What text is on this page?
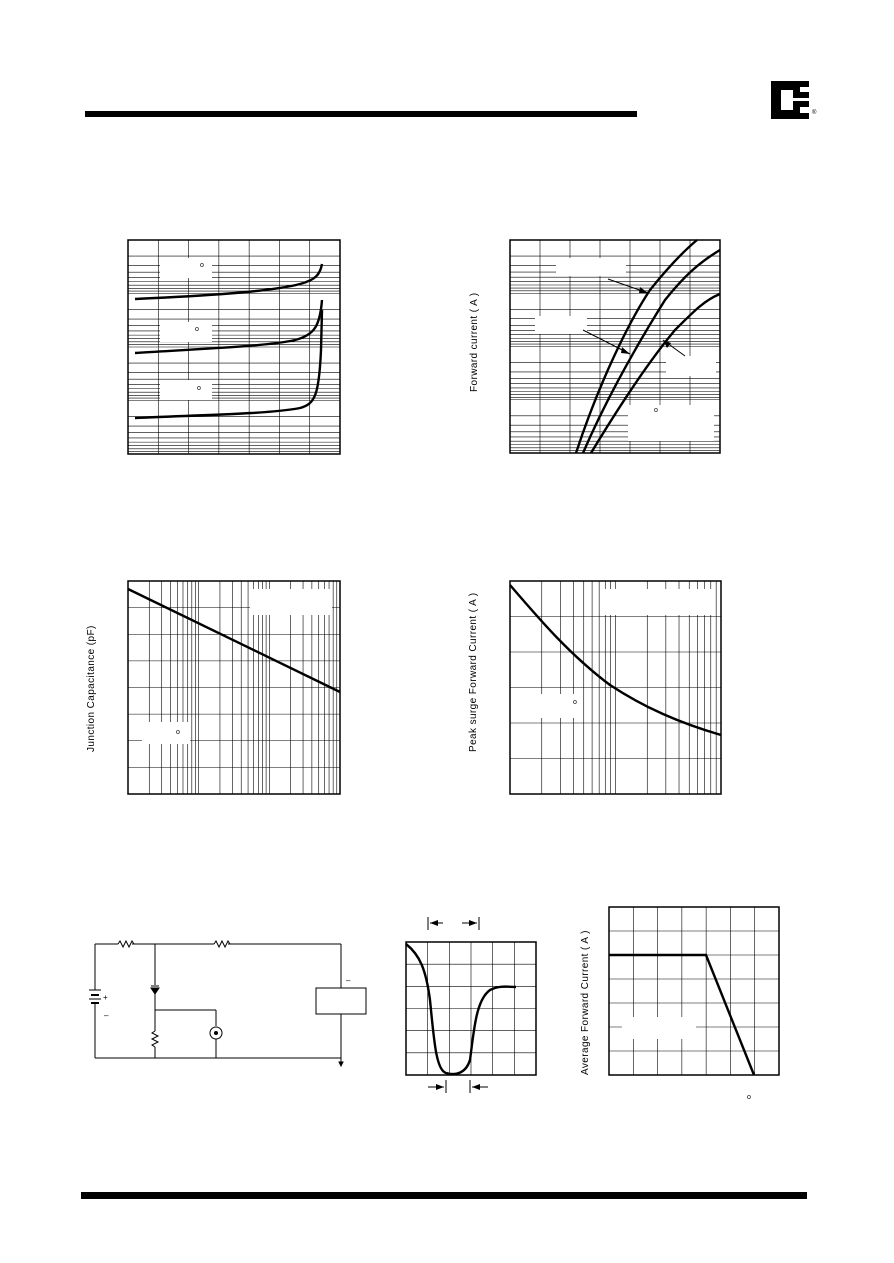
®
o
o
o
o
Forward current ( A )
o
Junction Capacitance (pF)	o
Peak surge Forward Current ( A )
+
–
–
o
Average Forward Current ( A )
